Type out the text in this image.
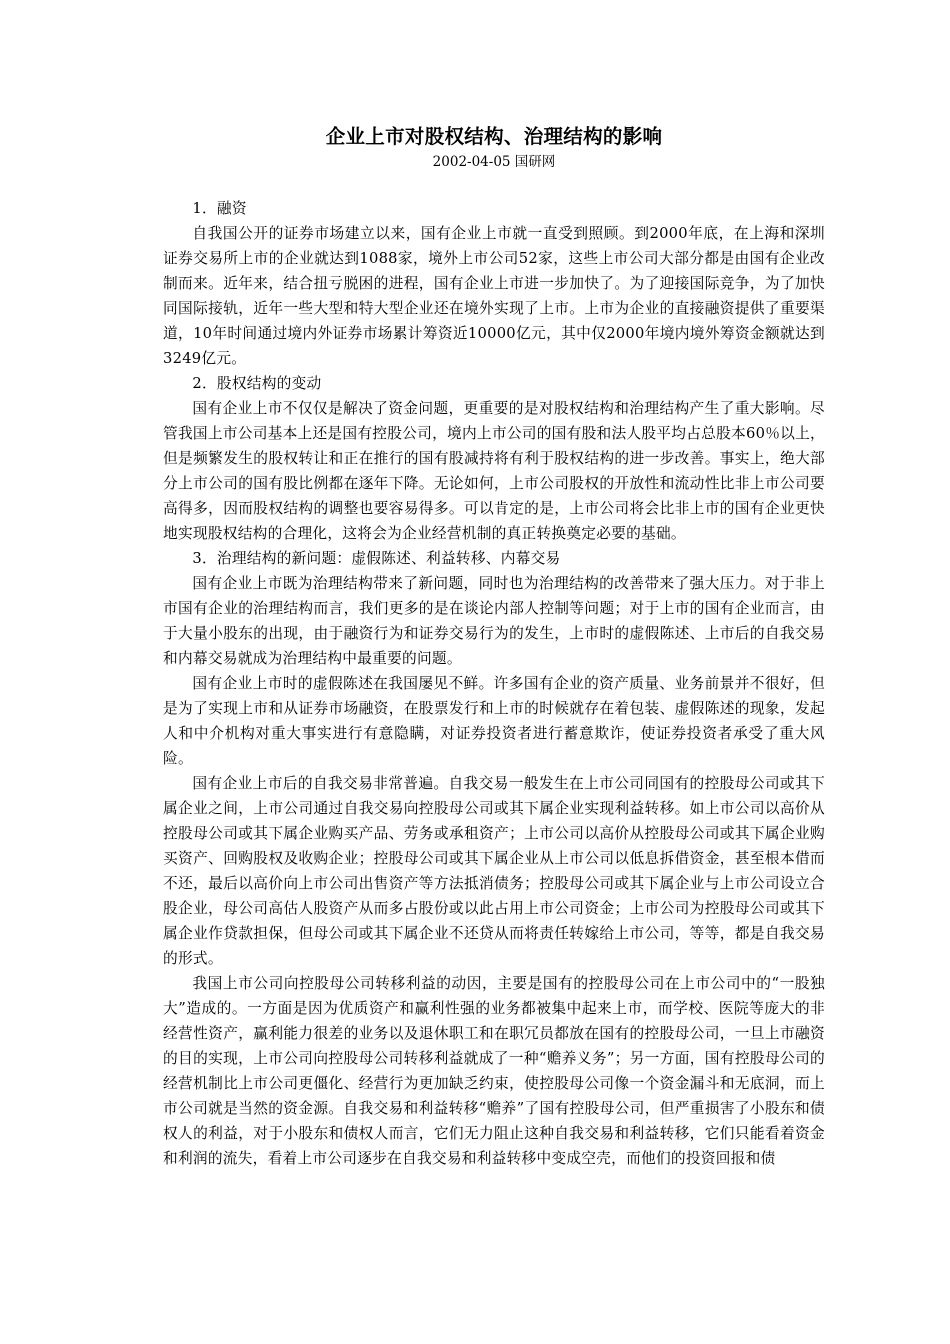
企业上市对股权结构、治理结构的影响
2002-04-05 国研网

1．融资

自我国公开的证券市场建立以来，国有企业上市就一直受到照顾。到2000年底，在上海和深圳证券交易所上市的企业就达到1088家，境外上市公司52家，这些上市公司大部分都是由国有企业改制而来。近年来，结合扭亏脱困的进程，国有企业上市进一步加快了。为了迎接国际竞争，为了加快同国际接轨，近年一些大型和特大型企业还在境外实现了上市。上市为企业的直接融资提供了重要渠道，10年时间通过境内外证券市场累计筹资近10000亿元，其中仅2000年境内境外筹资金额就达到3249亿元。

2．股权结构的变动

国有企业上市不仅仅是解决了资金问题，更重要的是对股权结构和治理结构产生了重大影响。尽管我国上市公司基本上还是国有控股公司，境内上市公司的国有股和法人股平均占总股本60％以上，但是频繁发生的股权转让和正在推行的国有股减持将有利于股权结构的进一步改善。事实上，绝大部分上市公司的国有股比例都在逐年下降。无论如何，上市公司股权的开放性和流动性比非上市公司要高得多，因而股权结构的调整也要容易得多。可以肯定的是，上市公司将会比非上市的国有企业更快地实现股权结构的合理化，这将会为企业经营机制的真正转换奠定必要的基础。

3．治理结构的新问题：虚假陈述、利益转移、内幕交易

国有企业上市既为治理结构带来了新问题，同时也为治理结构的改善带来了强大压力。对于非上市国有企业的治理结构而言，我们更多的是在谈论内部人控制等问题；对于上市的国有企业而言，由于大量小股东的出现，由于融资行为和证券交易行为的发生，上市时的虚假陈述、上市后的自我交易和内幕交易就成为治理结构中最重要的问题。

国有企业上市时的虚假陈述在我国屡见不鲜。许多国有企业的资产质量、业务前景并不很好，但是为了实现上市和从证券市场融资，在股票发行和上市的时候就存在着包装、虚假陈述的现象，发起人和中介机构对重大事实进行有意隐瞒，对证券投资者进行蓄意欺诈，使证券投资者承受了重大风险。

国有企业上市后的自我交易非常普遍。自我交易一般发生在上市公司同国有的控股母公司或其下属企业之间，上市公司通过自我交易向控股母公司或其下属企业实现利益转移。如上市公司以高价从控股母公司或其下属企业购买产品、劳务或承租资产；上市公司以高价从控股母公司或其下属企业购买资产、回购股权及收购企业；控股母公司或其下属企业从上市公司以低息拆借资金，甚至根本借而不还，最后以高价向上市公司出售资产等方法抵消债务；控股母公司或其下属企业与上市公司设立合股企业，母公司高估人股资产从而多占股份或以此占用上市公司资金；上市公司为控股母公司或其下属企业作贷款担保，但母公司或其下属企业不还贷从而将责任转嫁给上市公司，等等，都是自我交易的形式。

我国上市公司向控股母公司转移利益的动因，主要是国有的控股母公司在上市公司中的“一股独大”造成的。一方面是因为优质资产和赢利性强的业务都被集中起来上市，而学校、医院等庞大的非经营性资产，赢利能力很差的业务以及退休职工和在职冗员都放在国有的控股母公司，一旦上市融资的目的实现，上市公司向控股母公司转移利益就成了一种“赡养义务”；另一方面，国有控股母公司的经营机制比上市公司更僵化、经营行为更加缺乏约束，使控股母公司像一个资金漏斗和无底洞，而上市公司就是当然的资金源。自我交易和利益转移“赡养”了国有控股母公司，但严重损害了小股东和债权人的利益，对于小股东和债权人而言，它们无力阻止这种自我交易和利益转移，它们只能看着资金和利润的流失，看着上市公司逐步在自我交易和利益转移中变成空壳，而他们的投资回报和债
